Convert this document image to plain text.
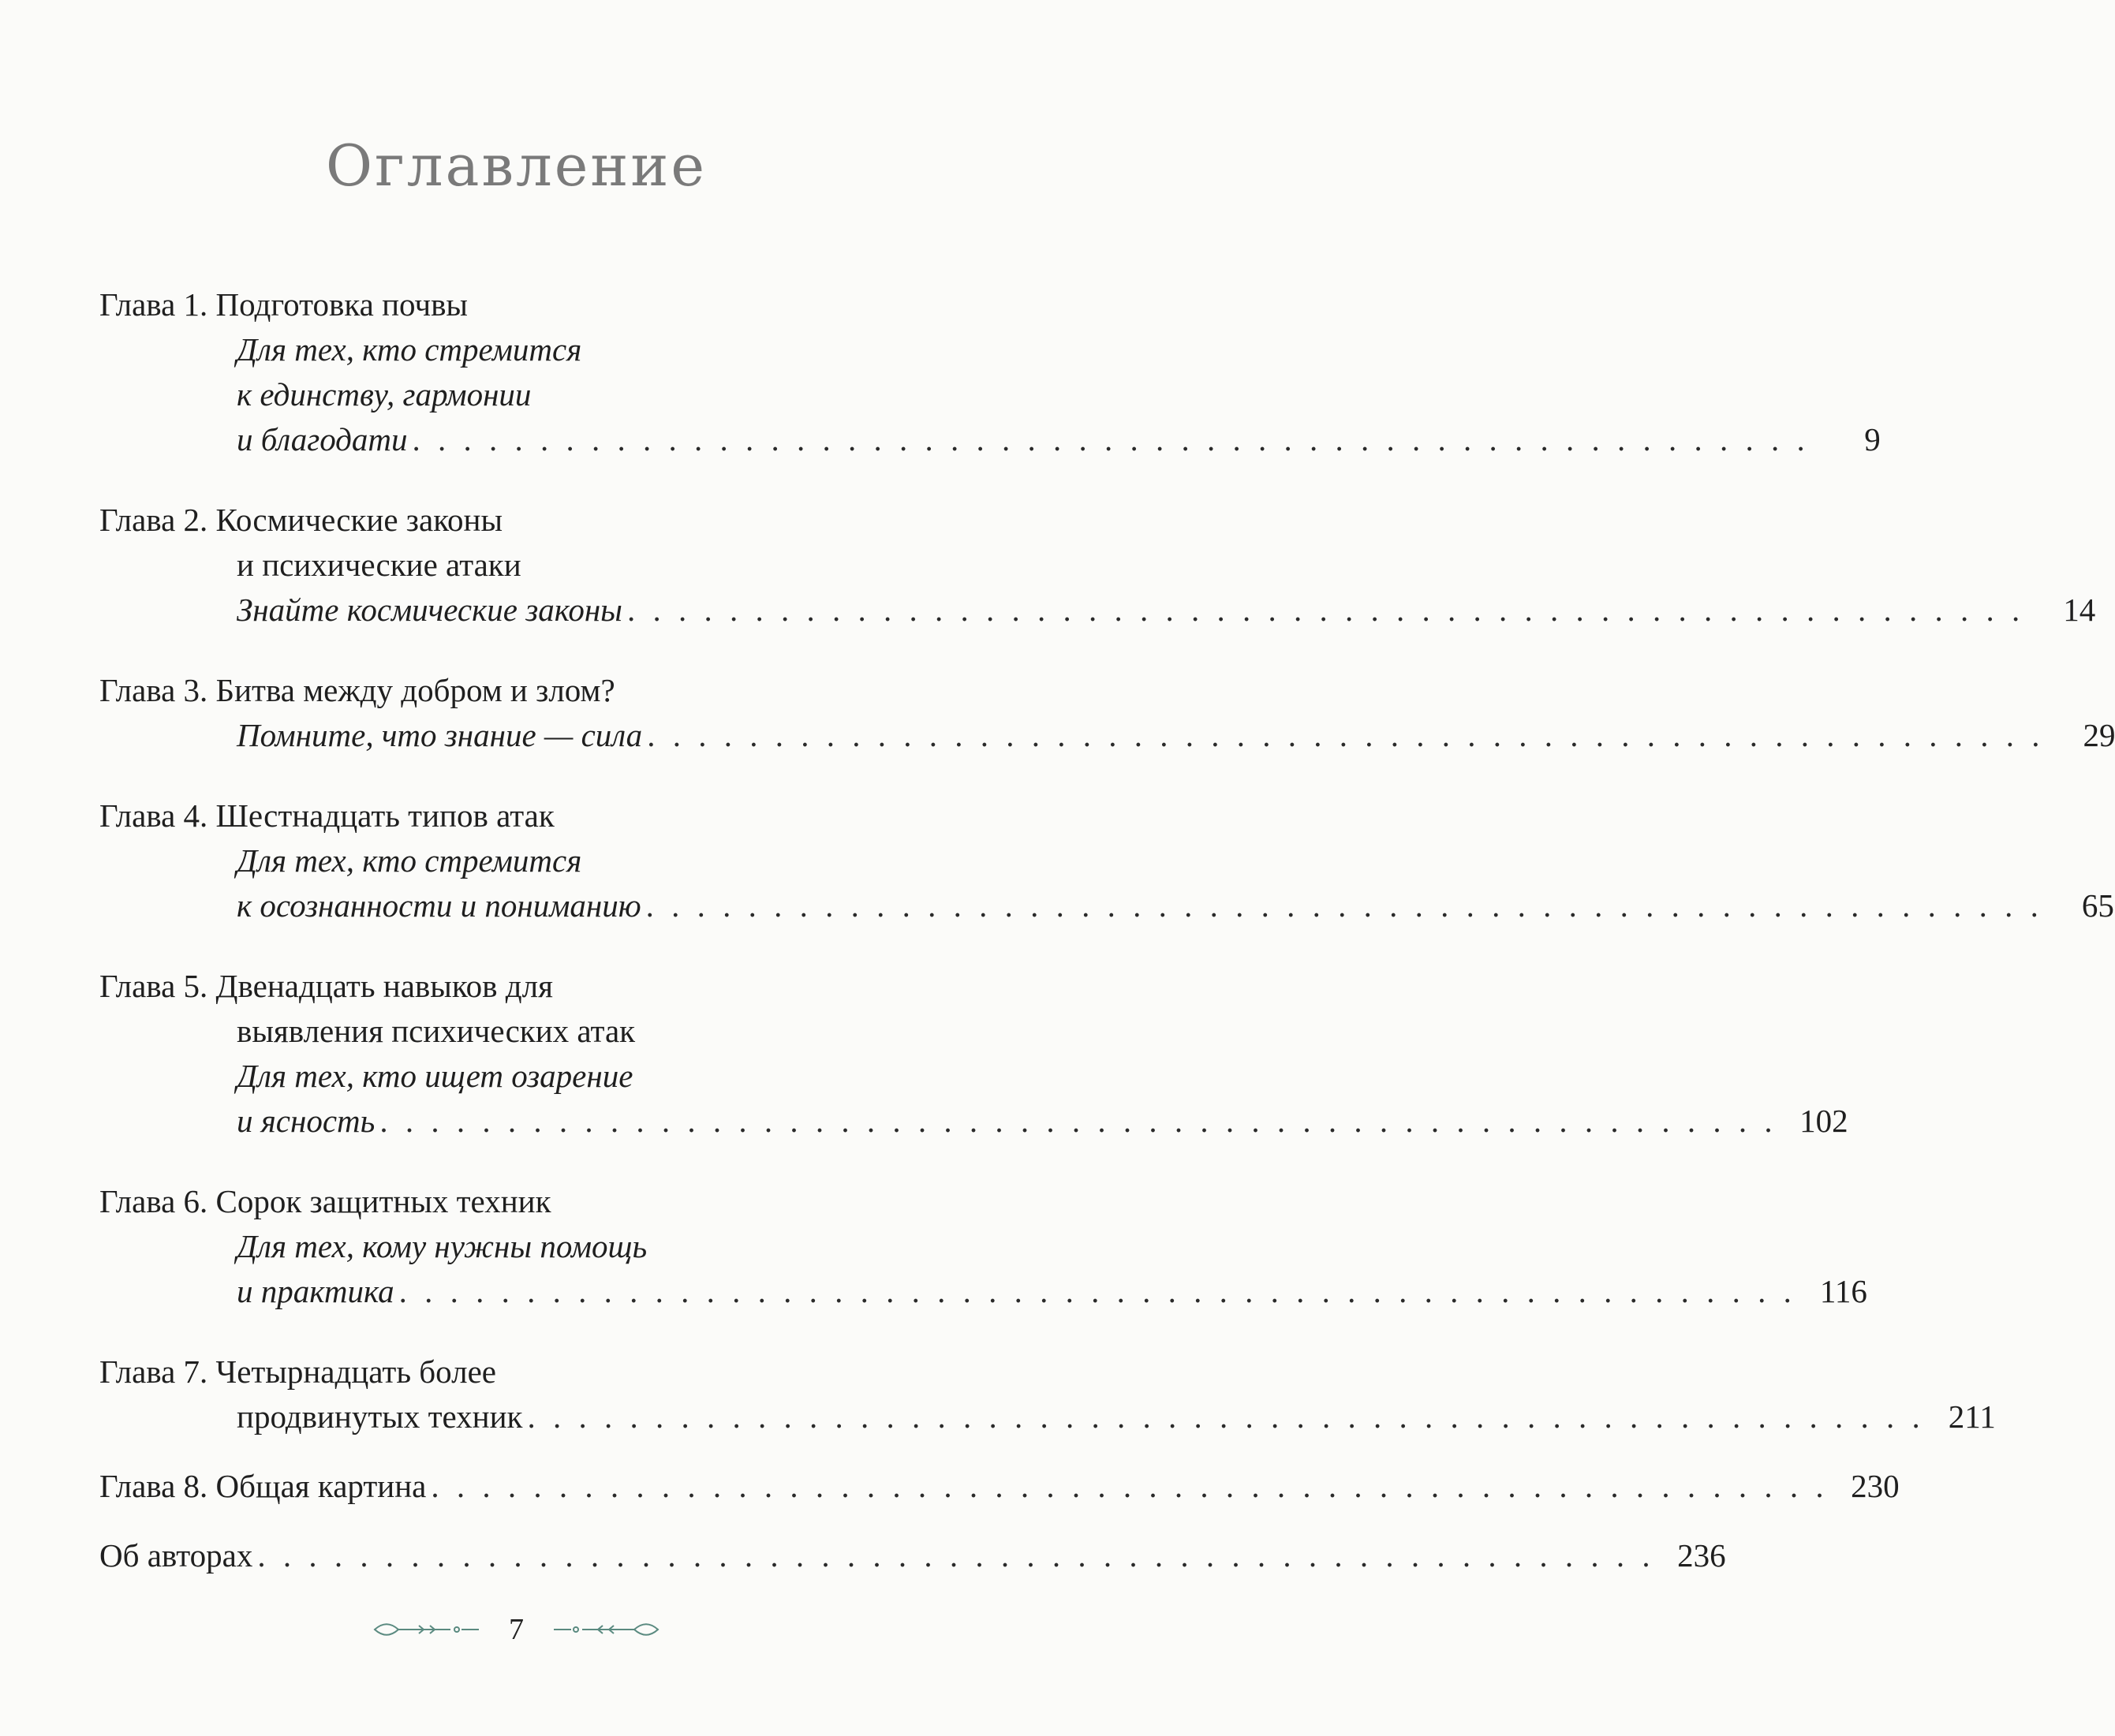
Оглавление
Глава 1. Подготовка почвы
Для тех, кто стремится
к единству, гармонии
и благодати . . . . . . . . . . . . . . . . . . . . . . . . . . . . . . . . . . . . . . . . . . . . . . . . . . . . . . .	9
Глава 2. Космические законы
и психические атаки
Знайте космические законы . . . . . . . . . . . . . . . . . . . . . . . . . . . . . . . . . . . . . . . . . . . . . . . . . . . . . . .	14
Глава 3. Битва между добром и злом?
Помните, что знание — сила . . . . . . . . . . . . . . . . . . . . . . . . . . . . . . . . . . . . . . . . . . . . . . . . . . . . . . .	29
Глава 4. Шестнадцать типов атак
Для тех, кто стремится
к осознанности и пониманию . . . . . . . . . . . . . . . . . . . . . . . . . . . . . . . . . . . . . . . . . . . . . . . . . . . . . . .	65
Глава 5. Двенадцать навыков для
выявления психических атак
Для тех, кто ищет озарение
и ясность . . . . . . . . . . . . . . . . . . . . . . . . . . . . . . . . . . . . . . . . . . . . . . . . . . . . . . . 102
Глава 6. Сорок защитных техник
Для тех, кому нужны помощь
и практика . . . . . . . . . . . . . . . . . . . . . . . . . . . . . . . . . . . . . . . . . . . . . . . . . . . . . . . 116
Глава 7. Четырнадцать более
продвинутых техник . . . . . . . . . . . . . . . . . . . . . . . . . . . . . . . . . . . . . . . . . . . . . . . . . . . . . . . 211
Глава 8. Общая картина . . . . . . . . . . . . . . . . . . . . . . . . . . . . . . . . . . . . . . . . . . . . . . . . . . . . . . . 230
Об авторах . . . . . . . . . . . . . . . . . . . . . . . . . . . . . . . . . . . . . . . . . . . . . . . . . . . . . . . 236
7
